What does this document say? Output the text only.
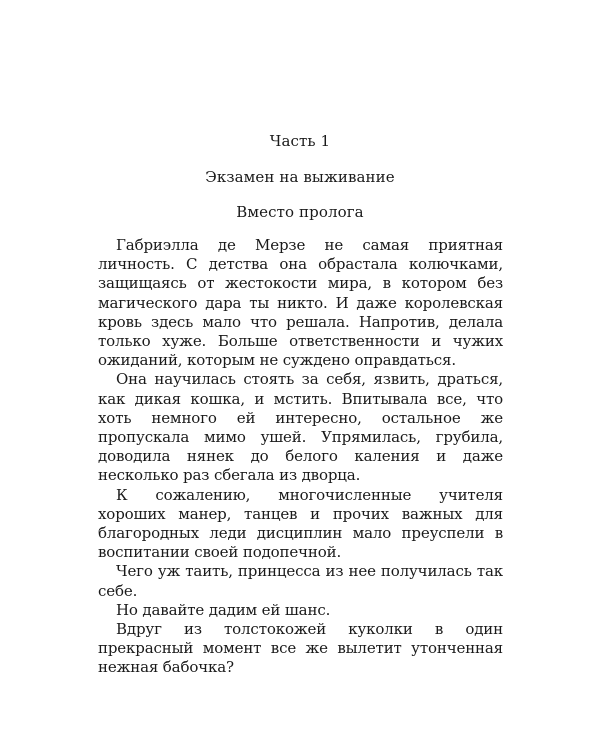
Часть 1
Экзамен на выживание
Вместо пролога

Габриэлла де Мерзе не самая приятная личность. С детства она обрастала колючками, защищаясь от жестокости мира, в котором без магического дара ты никто. И даже королевская кровь здесь мало что решала. Напротив, делала только хуже. Больше ответственности и чужих ожиданий, которым не суждено оправдаться.

Она научилась стоять за себя, язвить, драться, как дикая кошка, и мстить. Впитывала все, что хоть немного ей интересно, остальное же пропускала мимо ушей. Упрямилась, грубила, доводила нянек до белого каления и даже несколько раз сбегала из дворца.

К сожалению, многочисленные учителя хороших манер, танцев и прочих важных для благородных леди дисциплин мало преуспели в воспитании своей подопечной.

Чего уж таить, принцесса из нее получилась так себе.

Но давайте дадим ей шанс.

Вдруг из толстокожей куколки в один прекрасный момент все же вылетит утонченная нежная бабочка?
